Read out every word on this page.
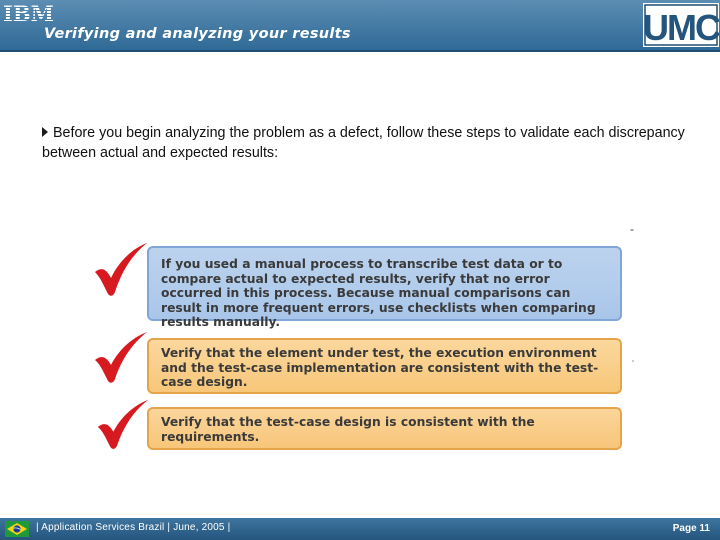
IBM
Verifying and analyzing your results	UMC
Before you begin analyzing the problem as a defect, follow these steps to validate each discrepancy between actual and expected results:
-
If you used a manual process to transcribe test data or to compare actual to expected results, verify that no error occurred in this process. Because manual comparisons can result in more frequent errors, use checklists when comparing results manually.
Verify that the element under test, the execution environment and the test-case implementation are consistent with the test-case design.
Verify that the test-case design is consistent with the requirements.
| Application Services Brazil | June, 2005 |	Page 11
